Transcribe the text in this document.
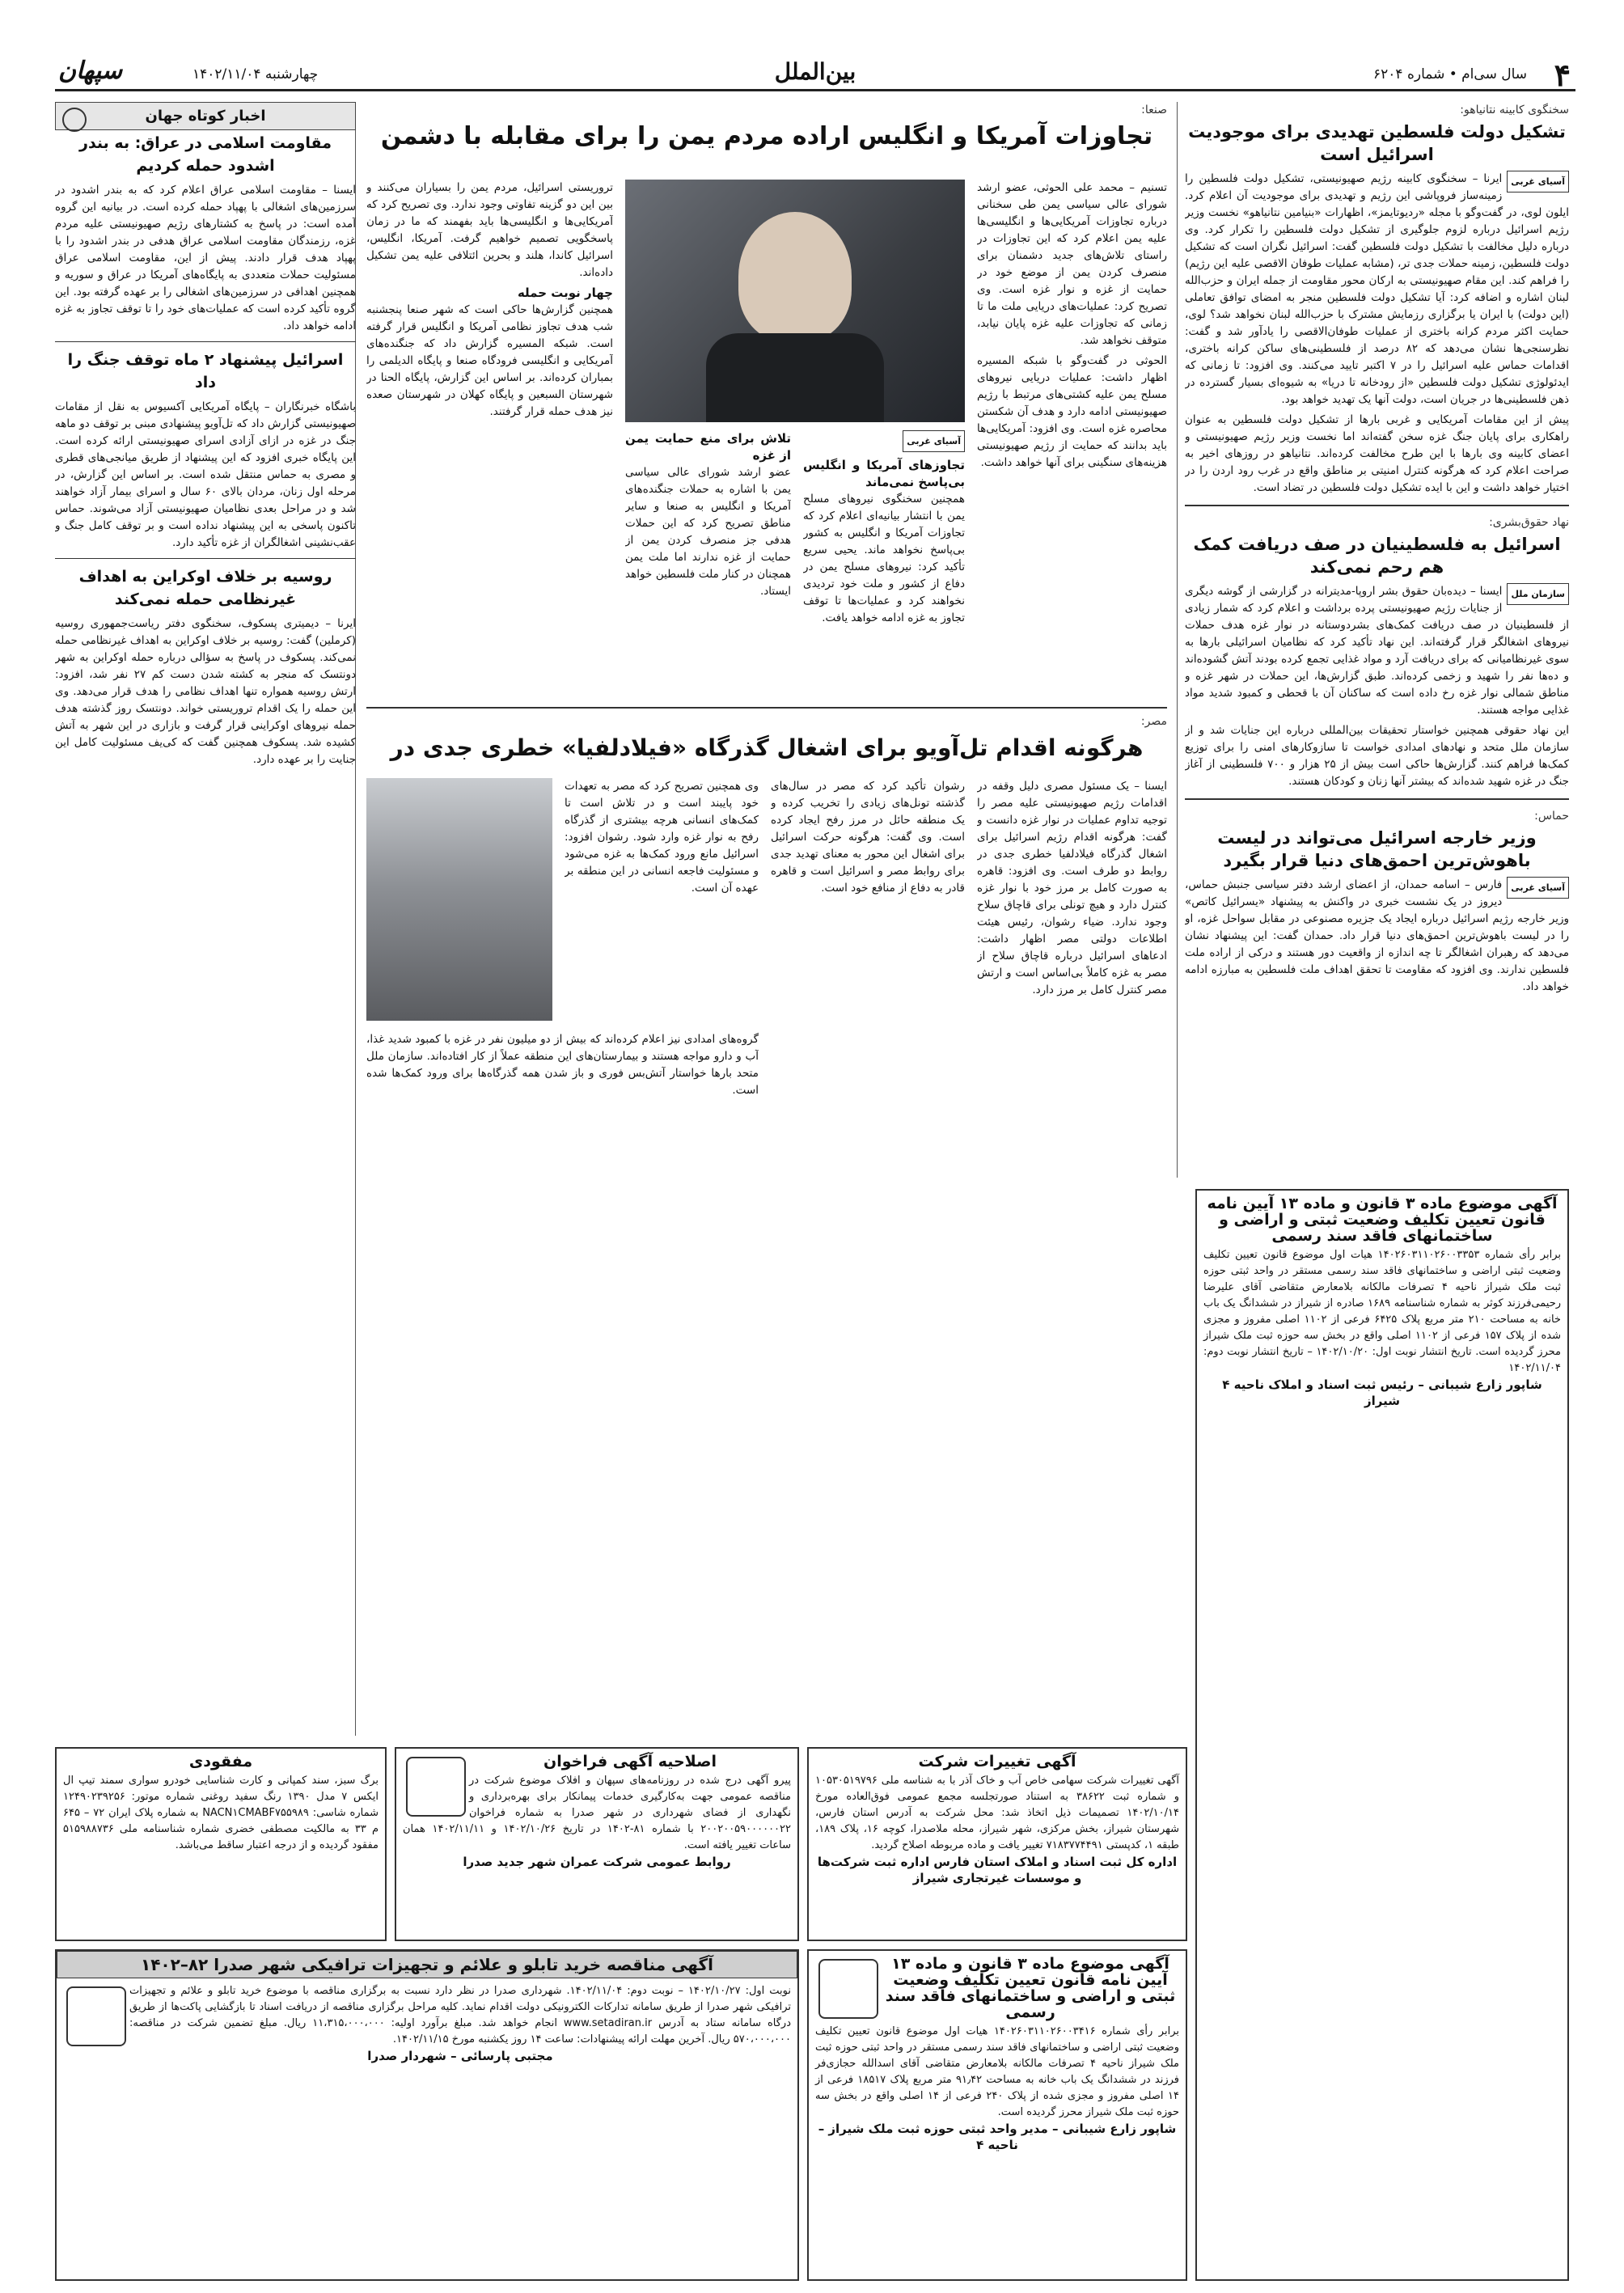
۴
سال سی‌ام • شماره ۶۲۰۴
بین‌الملل
چهارشنبه ۱۴۰۲/۱۱/۰۴
سپهان
سخنگوی کابینه نتانیاهو:
تشکیل دولت فلسطین تهدیدی برای موجودیت اسرائیل است

آسیای غربی
ایرنا – سخنگوی کابینه رژیم صهیونیستی، تشکیل دولت فلسطین را زمینه‌ساز فروپاشی این رژیم و تهدیدی برای موجودیت آن اعلام کرد. ایلون لوی، در گفت‌وگو با مجله «ردیوتایمز»، اظهارات «بنیامین نتانیاهو» نخست وزیر رژیم اسرائیل درباره لزوم جلوگیری از تشکیل دولت فلسطین را تکرار کرد. وی درباره دلیل مخالفت با تشکیل دولت فلسطین گفت: اسرائیل نگران است که تشکیل دولت فلسطین، زمینه حملات جدی تر، (مشابه عملیات طوفان الاقصی علیه این رژیم) را فراهم کند. این مقام صهیونیستی به ارکان محور مقاومت از جمله ایران و حزب‌الله لبنان اشاره و اضافه کرد: آیا تشکیل دولت فلسطین منجر به امضای توافق تعاملی (این دولت) با ایران یا برگزاری رزمایش مشترک با حزب‌الله لبنان نخواهد شد؟ لوی، حمایت اکثر مردم کرانه باختری از عملیات طوفان‌الاقصی را یادآور شد و گفت: نظرسنجی‌ها نشان می‌دهد که ۸۲ درصد از فلسطینی‌های ساکن کرانه باختری، اقدامات حماس علیه اسرائیل را در ۷ اکتبر تایید می‌کنند. وی افزود: تا زمانی که ایدئولوژی تشکیل دولت فلسطین «از رودخانه تا دریا» به شیوه‌ای بسیار گسترده در ذهن فلسطینی‌ها در جریان است، دولت آنها یک تهدید خواهد بود.

پیش از این مقامات آمریکایی و غربی بارها از تشکیل دولت فلسطین به عنوان راهکاری برای پایان جنگ غزه سخن گفته‌اند اما نخست وزیر رژیم صهیونیستی و اعضای کابینه وی بارها با این طرح مخالفت کرده‌اند. نتانیاهو در روزهای اخیر به صراحت اعلام کرد که هرگونه کنترل امنیتی بر مناطق واقع در غرب رود اردن را در اختیار خواهد داشت و این با ایده تشکیل دولت فلسطین در تضاد است.

نهاد حقوق‌بشری:
اسرائیل به فلسطینیان در صف دریافت کمک هم رحم نمی‌کند

سازمان ملل
ایسنا – دیده‌بان حقوق بشر اروپا-مدیترانه در گزارشی از گوشه دیگری از جنایات رژیم صهیونیستی پرده برداشت و اعلام کرد که شمار زیادی از فلسطینیان در صف دریافت کمک‌های بشردوستانه در نوار غزه هدف حملات نیروهای اشغالگر قرار گرفته‌اند. این نهاد تأکید کرد که نظامیان اسرائیلی بارها به سوی غیرنظامیانی که برای دریافت آرد و مواد غذایی تجمع کرده بودند آتش گشوده‌اند و ده‌ها نفر را شهید و زخمی کرده‌اند. طبق گزارش‌ها، این حملات در شهر غزه و مناطق شمالی نوار غزه رخ داده است که ساکنان آن با قحطی و کمبود شدید مواد غذایی مواجه هستند.

این نهاد حقوقی همچنین خواستار تحقیقات بین‌المللی درباره این جنایات شد و از سازمان ملل متحد و نهادهای امدادی خواست تا سازوکارهای امنی را برای توزیع کمک‌ها فراهم کنند. گزارش‌ها حاکی است بیش از ۲۵ هزار و ۷۰۰ فلسطینی از آغاز جنگ در غزه شهید شده‌اند که بیشتر آنها زنان و کودکان هستند.

حماس:
وزیر خارجه اسرائیل می‌تواند در لیست باهوش‌ترین احمق‌های دنیا قرار بگیرد

آسیای غربی
فارس – اسامه حمدان، از اعضای ارشد دفتر سیاسی جنبش حماس، دیروز در یک نشست خبری در واکنش به پیشنهاد «یسرائیل کاتص» وزیر خارجه رژیم اسرائیل درباره ایجاد یک جزیره مصنوعی در مقابل سواحل غزه، او را در لیست باهوش‌ترین احمق‌های دنیا قرار داد. حمدان گفت: این پیشنهاد نشان می‌دهد که رهبران اشغالگر تا چه اندازه از واقعیت دور هستند و درکی از اراده ملت فلسطین ندارند. وی افزود که مقاومت تا تحقق اهداف ملت فلسطین به مبارزه ادامه خواهد داد.

صنعا:
تجاوزات آمریکا و انگلیس اراده مردم یمن را برای مقابله با دشمن

تسنیم – محمد علی الحوثی، عضو ارشد شورای عالی سیاسی یمن طی سخنانی درباره تجاوزات آمریکایی‌ها و انگلیسی‌ها علیه یمن اعلام کرد که این تجاوزات در راستای تلاش‌های جدید دشمنان برای منصرف کردن یمن از موضع خود در حمایت از غزه و نوار غزه است. وی تصریح کرد: عملیات‌های دریایی ملت ما تا زمانی که تجاوزات علیه غزه پایان نیابد، متوقف نخواهد شد.

الحوثی در گفت‌وگو با شبکه المسیره اظهار داشت: عملیات دریایی نیروهای مسلح یمن علیه کشتی‌های مرتبط با رژیم صهیونیستی ادامه دارد و هدف آن شکستن محاصره غزه است. وی افزود: آمریکایی‌ها باید بدانند که حمایت از رژیم صهیونیستی هزینه‌های سنگینی برای آنها خواهد داشت.

آسیای غربی
تجاوزهای آمریکا و انگلیس بی‌پاسخ نمی‌ماند

همچنین سخنگوی نیروهای مسلح یمن با انتشار بیانیه‌ای اعلام کرد که تجاوزات آمریکا و انگلیس به کشور بی‌پاسخ نخواهد ماند. یحیی سریع تأکید کرد: نیروهای مسلح یمن در دفاع از کشور و ملت خود تردیدی نخواهند کرد و عملیات‌ها تا توقف تجاوز به غزه ادامه خواهد یافت.

تلاش برای منع حمایت یمن از غزه

عضو ارشد شورای عالی سیاسی یمن با اشاره به حملات جنگنده‌های آمریکا و انگلیس به صنعا و سایر مناطق تصریح کرد که این حملات هدفی جز منصرف کردن یمن از حمایت از غزه ندارند اما ملت یمن همچنان در کنار ملت فلسطین خواهد ایستاد.

تروریستی اسرائیل، مردم یمن را بسیاران می‌کنند و بین این دو گزینه تفاوتی وجود ندارد. وی تصریح کرد که آمریکایی‌ها و انگلیسی‌ها باید بفهمند که ما در زمان پاسخگویی تصمیم خواهیم گرفت. آمریکا، انگلیس، اسرائیل کاندا، هلند و بحرین ائتلافی علیه یمن تشکیل داده‌اند.

چهار نوبت حمله

همچنین گزارش‌ها حاکی است که شهر صنعا پنجشنبه شب هدف تجاوز نظامی آمریکا و انگلیس قرار گرفته است. شبکه المسیره گزارش داد که جنگنده‌های آمریکایی و انگلیسی فرودگاه صنعا و پایگاه الدیلمی را بمباران کرده‌اند. بر اساس این گزارش، پایگاه الحنا در شهرستان السبعین و پایگاه کهلان در شهرستان صعده نیز هدف حمله قرار گرفتند.

مصر:
هرگونه اقدام تل‌آویو برای اشغال گذرگاه «فیلادلفیا» خطری جدی در

ایسنا – یک مسئول مصری دلیل وقفه در اقدامات رژیم صهیونیستی علیه مصر را توجیه تداوم عملیات در نوار غزه دانست و گفت: هرگونه اقدام رژیم اسرائیل برای اشغال گذرگاه فیلادلفیا خطری جدی در روابط دو طرف است. وی افزود: قاهره به صورت کامل بر مرز خود با نوار غزه کنترل دارد و هیچ تونلی برای قاچاق سلاح وجود ندارد. ضیاء رشوان، رئیس هیئت اطلاعات دولتی مصر اظهار داشت: ادعاهای اسرائیل درباره قاچاق سلاح از مصر به غزه کاملاً بی‌اساس است و ارتش مصر کنترل کامل بر مرز دارد.

رشوان تأکید کرد که مصر در سال‌های گذشته تونل‌های زیادی را تخریب کرده و یک منطقه حائل در مرز رفح ایجاد کرده است. وی گفت: هرگونه حرکت اسرائیل برای اشغال این محور به معنای تهدید جدی برای روابط مصر و اسرائیل است و قاهره قادر به دفاع از منافع خود است.

وی همچنین تصریح کرد که مصر به تعهدات خود پایبند است و در تلاش است تا کمک‌های انسانی هرچه بیشتری از گذرگاه رفح به نوار غزه وارد شود. رشوان افزود: اسرائیل مانع ورود کمک‌ها به غزه می‌شود و مسئولیت فاجعه انسانی در این منطقه بر عهده آن است.

گروه‌های امدادی نیز اعلام کرده‌اند که بیش از دو میلیون نفر در غزه با کمبود شدید غذا، آب و دارو مواجه هستند و بیمارستان‌های این منطقه عملاً از کار افتاده‌اند. سازمان ملل متحد بارها خواستار آتش‌بس فوری و باز شدن همه گذرگاه‌ها برای ورود کمک‌ها شده است.

اخبار کوتاه جهان
مقاومت اسلامی در عراق: به بندر اشدود حمله کردیم

ایسنا – مقاومت اسلامی عراق اعلام کرد که به بندر اشدود در سرزمین‌های اشغالی با پهپاد حمله کرده است. در بیانیه این گروه آمده است: در پاسخ به کشتارهای رژیم صهیونیستی علیه مردم غزه، رزمندگان مقاومت اسلامی عراق هدفی در بندر اشدود را با پهپاد هدف قرار دادند. پیش از این، مقاومت اسلامی عراق مسئولیت حملات متعددی به پایگاه‌های آمریکا در عراق و سوریه و همچنین اهدافی در سرزمین‌های اشغالی را بر عهده گرفته بود. این گروه تأکید کرده است که عملیات‌های خود را تا توقف تجاوز به غزه ادامه خواهد داد.

اسرائیل پیشنهاد ۲ ماه توقف جنگ را داد

باشگاه خبرنگاران – پایگاه آمریکایی آکسیوس به نقل از مقامات صهیونیستی گزارش داد که تل‌آویو پیشنهادی مبنی بر توقف دو ماهه جنگ در غزه در ازای آزادی اسرای صهیونیستی ارائه کرده است. این پایگاه خبری افزود که این پیشنهاد از طریق میانجی‌های قطری و مصری به حماس منتقل شده است. بر اساس این گزارش، در مرحله اول زنان، مردان بالای ۶۰ سال و اسرای بیمار آزاد خواهند شد و در مراحل بعدی نظامیان صهیونیستی آزاد می‌شوند. حماس تاکنون پاسخی به این پیشنهاد نداده است و بر توقف کامل جنگ و عقب‌نشینی اشغالگران از غزه تأکید دارد.

روسیه بر خلاف اوکراین به اهداف غیرنظامی حمله نمی‌کند

ایرنا – دیمیتری پسکوف، سخنگوی دفتر ریاست‌جمهوری روسیه (کرملین) گفت: روسیه بر خلاف اوکراین به اهداف غیرنظامی حمله نمی‌کند. پسکوف در پاسخ به سؤالی درباره حمله اوکراین به شهر دونتسک که منجر به کشته شدن دست کم ۲۷ نفر شد، افزود: ارتش روسیه همواره تنها اهداف نظامی را هدف قرار می‌دهد. وی این حمله را یک اقدام تروریستی خواند. دونتسک روز گذشته هدف حمله نیروهای اوکراینی قرار گرفت و بازاری در این شهر به آتش کشیده شد. پسکوف همچنین گفت که کی‌یف مسئولیت کامل این جنایت را بر عهده دارد.

مفقودی
برگ سبز، سند کمپانی و کارت شناسایی خودرو سواری سمند تیپ ال ایکس ۷ مدل ۱۳۹۰ رنگ سفید روغنی شماره موتور: ۱۲۴۹۰۲۳۹۲۵۶ شماره شاسی: NACN۱CMABF۷۵۵۹۸۹ به شماره پلاک ایران ۷۲ – ۶۴۵ م ۳۳ به مالکیت مصطفی خضری شماره شناسنامه ملی ۵۱۵۹۸۸۷۳۶ مفقود گردیده و از درجه اعتبار ساقط می‌باشد.
اصلاحیه آگهی فراخوان
پیرو آگهی درج شده در روزنامه‌های سپهان و افلاک موضوع شرکت در مناقصه عمومی جهت به‌کارگیری خدمات پیمانکار برای بهره‌برداری و نگهداری از فضای شهرداری در شهر صدرا به شماره فراخوان ۲۰۰۲۰۰۵۹۰۰۰۰۰۰۲۲ با شماره ۸۱-۱۴۰۲ در تاریخ ۱۴۰۲/۱۰/۲۶ و ۱۴۰۲/۱۱/۱۱ همان ساعات تغییر یافته است.
روابط عمومی شرکت عمران شهر جدید صدرا
آگهی تغییرات شرکت
آگهی تغییرات شرکت سهامی خاص آب و خاک آذر با به شناسه ملی ۱۰۵۳۰۵۱۹۷۹۶ و شماره ثبت ۳۸۶۲۲ به استناد صورتجلسه مجمع عمومی فوق‌العاده مورخ ۱۴۰۲/۱۰/۱۴ تصمیمات ذیل اتخاذ شد: محل شرکت به آدرس استان فارس، شهرستان شیراز، بخش مرکزی، شهر شیراز، محله ملاصدرا، کوچه ۱۶، پلاک ۱۸۹، طبقه ۱، کدپستی ۷۱۸۳۷۷۴۴۹۱ تغییر یافت و ماده مربوطه اصلاح گردید.
اداره کل ثبت اسناد و املاک استان فارس اداره ثبت شرکت‌ها و موسسات غیرتجاری شیراز
آگهی مناقصه خرید تابلو و علائم و تجهیزات ترافیکی شهر صدرا ۸۲–۱۴۰۲
نوبت اول: ۱۴۰۲/۱۰/۲۷ – نوبت دوم: ۱۴۰۲/۱۱/۰۴. شهرداری صدرا در نظر دارد نسبت به برگزاری مناقصه با موضوع خرید تابلو و علائم و تجهیزات ترافیکی شهر صدرا از طریق سامانه تدارکات الکترونیکی دولت اقدام نماید. کلیه مراحل برگزاری مناقصه از دریافت اسناد تا بازگشایی پاکت‌ها از طریق درگاه سامانه ستاد به آدرس www.setadiran.ir انجام خواهد شد. مبلغ برآورد اولیه: ۱۱،۳۱۵،۰۰۰،۰۰۰ ریال. مبلغ تضمین شرکت در مناقصه: ۵۷۰،۰۰۰،۰۰۰ ریال. آخرین مهلت ارائه پیشنهادات: ساعت ۱۴ روز یکشنبه مورخ ۱۴۰۲/۱۱/۱۵.
مجتبی پارسائی – شهردار صدرا
آگهی موضوع ماده ۳ قانون و ماده ۱۳ آیین نامه قانون تعیین تکلیف وضعیت ثبتی و اراضی و ساختمانهای فاقد سند رسمی
برابر رأی شماره ۱۴۰۲۶۰۳۱۱۰۲۶۰۰۳۴۱۶ هیات اول موضوع قانون تعیین تکلیف وضعیت ثبتی اراضی و ساختمانهای فاقد سند رسمی مستقر در واحد ثبتی حوزه ثبت ملک شیراز ناحیه ۴ تصرفات مالکانه بلامعارض متقاضی آقای اسدالله حجازی‌فر فرزند در ششدانگ یک باب خانه به مساحت ۹۱٫۴۲ متر مربع پلاک ۱۸۵۱۷ فرعی از ۱۴ اصلی مفروز و مجزی شده از پلاک ۲۴۰ فرعی از ۱۴ اصلی واقع در بخش سه حوزه ثبت ملک شیراز محرز گردیده است.
شاپور زارع شیبانی – مدیر واحد ثبتی حوزه ثبت ملک شیراز – ناحیه ۴
آگهی موضوع ماده ۳ قانون و ماده ۱۳ آیین نامه قانون تعیین تکلیف وضعیت ثبتی و اراضی و ساختمانهای فاقد سند رسمی
برابر رأی شماره ۱۴۰۲۶۰۳۱۱۰۲۶۰۰۳۳۵۳ هیات اول موضوع قانون تعیین تکلیف وضعیت ثبتی اراضی و ساختمانهای فاقد سند رسمی مستقر در واحد ثبتی حوزه ثبت ملک شیراز ناحیه ۴ تصرفات مالکانه بلامعارض متقاضی آقای علیرضا رحیمی‌فرزند کوثر به شماره شناسنامه ۱۶۸۹ صادره از شیراز در ششدانگ یک باب خانه به مساحت ۲۱۰ متر مربع پلاک ۶۴۲۵ فرعی از ۱۱۰۲ اصلی مفروز و مجزی شده از پلاک ۱۵۷ فرعی از ۱۱۰۲ اصلی واقع در بخش سه حوزه ثبت ملک شیراز محرز گردیده است. تاریخ انتشار نوبت اول: ۱۴۰۲/۱۰/۲۰ – تاریخ انتشار نوبت دوم: ۱۴۰۲/۱۱/۰۴
شاپور زارع شیبانی – رئیس ثبت اسناد و املاک ناحیه ۴ شیراز
